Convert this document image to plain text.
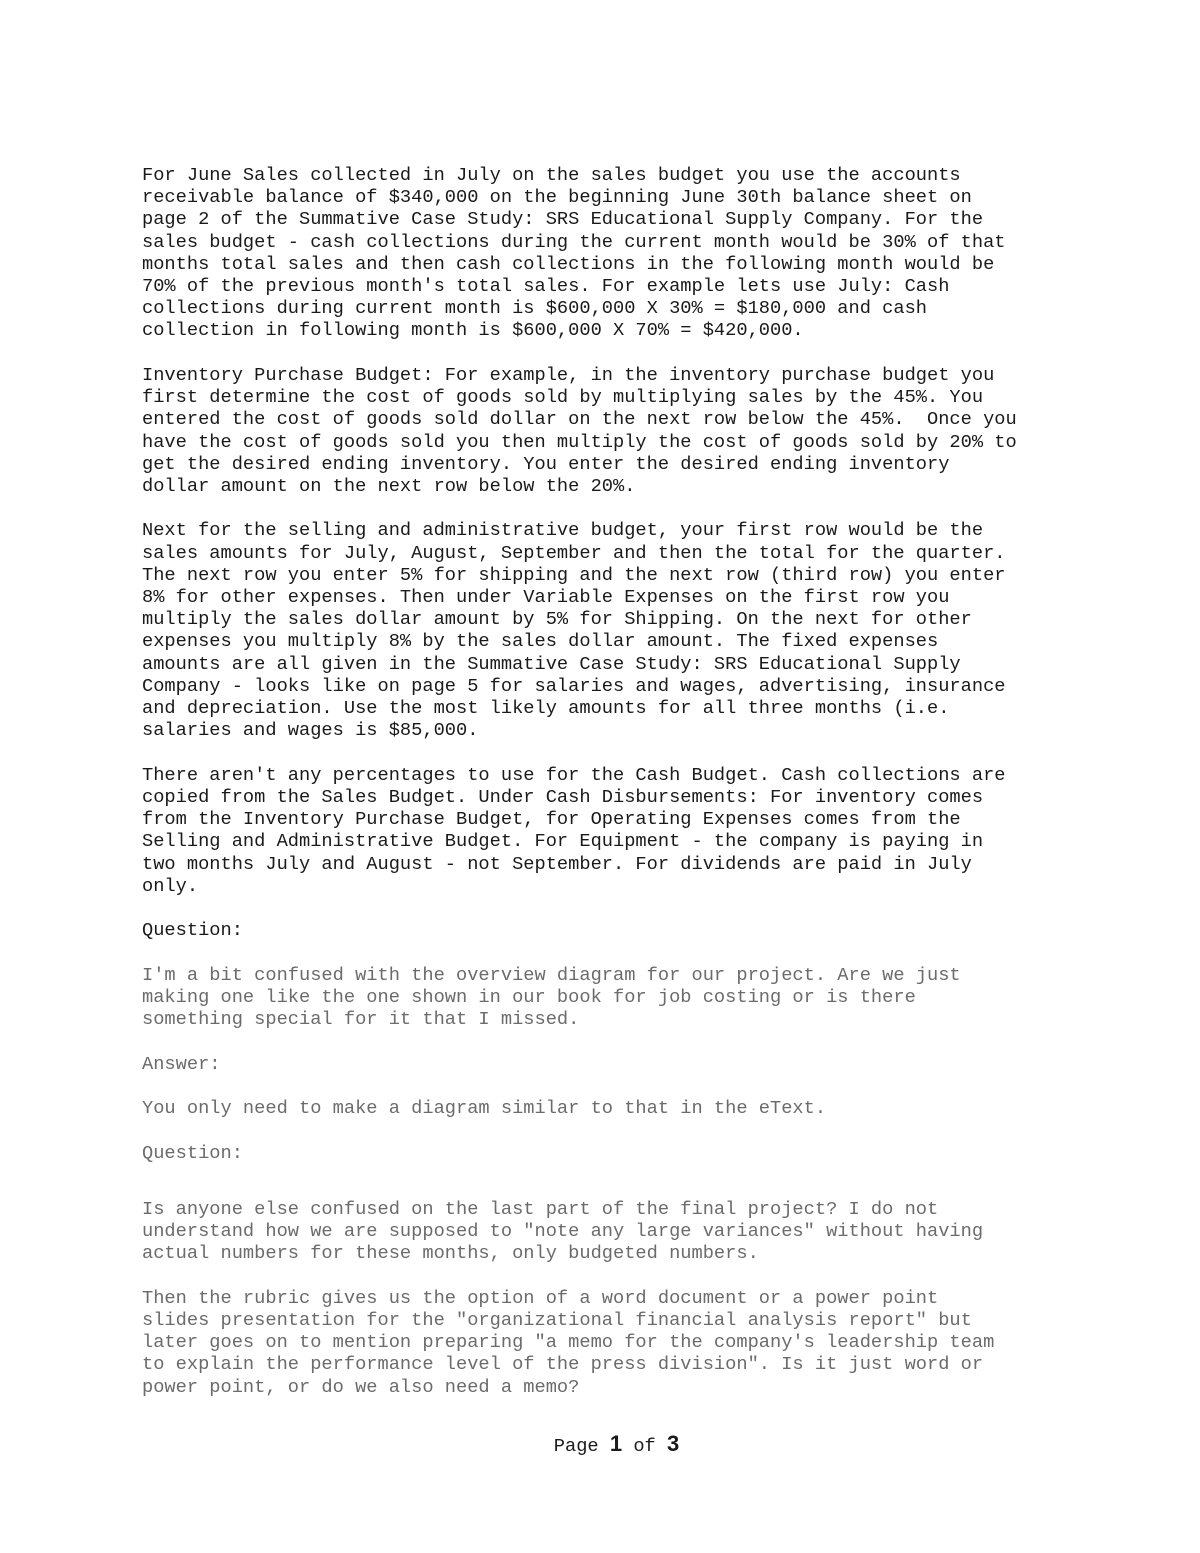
For June Sales collected in July on the sales budget you use the accounts
receivable balance of $340,000 on the beginning June 30th balance sheet on
page 2 of the Summative Case Study: SRS Educational Supply Company. For the
sales budget - cash collections during the current month would be 30% of that
months total sales and then cash collections in the following month would be
70% of the previous month's total sales. For example lets use July: Cash
collections during current month is $600,000 X 30% = $180,000 and cash
collection in following month is $600,000 X 70% = $420,000.

Inventory Purchase Budget: For example, in the inventory purchase budget you
first determine the cost of goods sold by multiplying sales by the 45%. You
entered the cost of goods sold dollar on the next row below the 45%.  Once you
have the cost of goods sold you then multiply the cost of goods sold by 20% to
get the desired ending inventory. You enter the desired ending inventory
dollar amount on the next row below the 20%.

Next for the selling and administrative budget, your first row would be the
sales amounts for July, August, September and then the total for the quarter.
The next row you enter 5% for shipping and the next row (third row) you enter
8% for other expenses. Then under Variable Expenses on the first row you
multiply the sales dollar amount by 5% for Shipping. On the next for other
expenses you multiply 8% by the sales dollar amount. The fixed expenses
amounts are all given in the Summative Case Study: SRS Educational Supply
Company - looks like on page 5 for salaries and wages, advertising, insurance
and depreciation. Use the most likely amounts for all three months (i.e.
salaries and wages is $85,000.

There aren't any percentages to use for the Cash Budget. Cash collections are
copied from the Sales Budget. Under Cash Disbursements: For inventory comes
from the Inventory Purchase Budget, for Operating Expenses comes from the
Selling and Administrative Budget. For Equipment - the company is paying in
two months July and August - not September. For dividends are paid in July
only.

Question:

I'm a bit confused with the overview diagram for our project. Are we just
making one like the one shown in our book for job costing or is there
something special for it that I missed.

Answer:

You only need to make a diagram similar to that in the eText.

Question:

Is anyone else confused on the last part of the final project? I do not
understand how we are supposed to "note any large variances" without having
actual numbers for these months, only budgeted numbers.

Then the rubric gives us the option of a word document or a power point
slides presentation for the "organizational financial analysis report" but
later goes on to mention preparing "a memo for the company's leadership team
to explain the performance level of the press division". Is it just word or
power point, or do we also need a memo?

Page 1 of 3
